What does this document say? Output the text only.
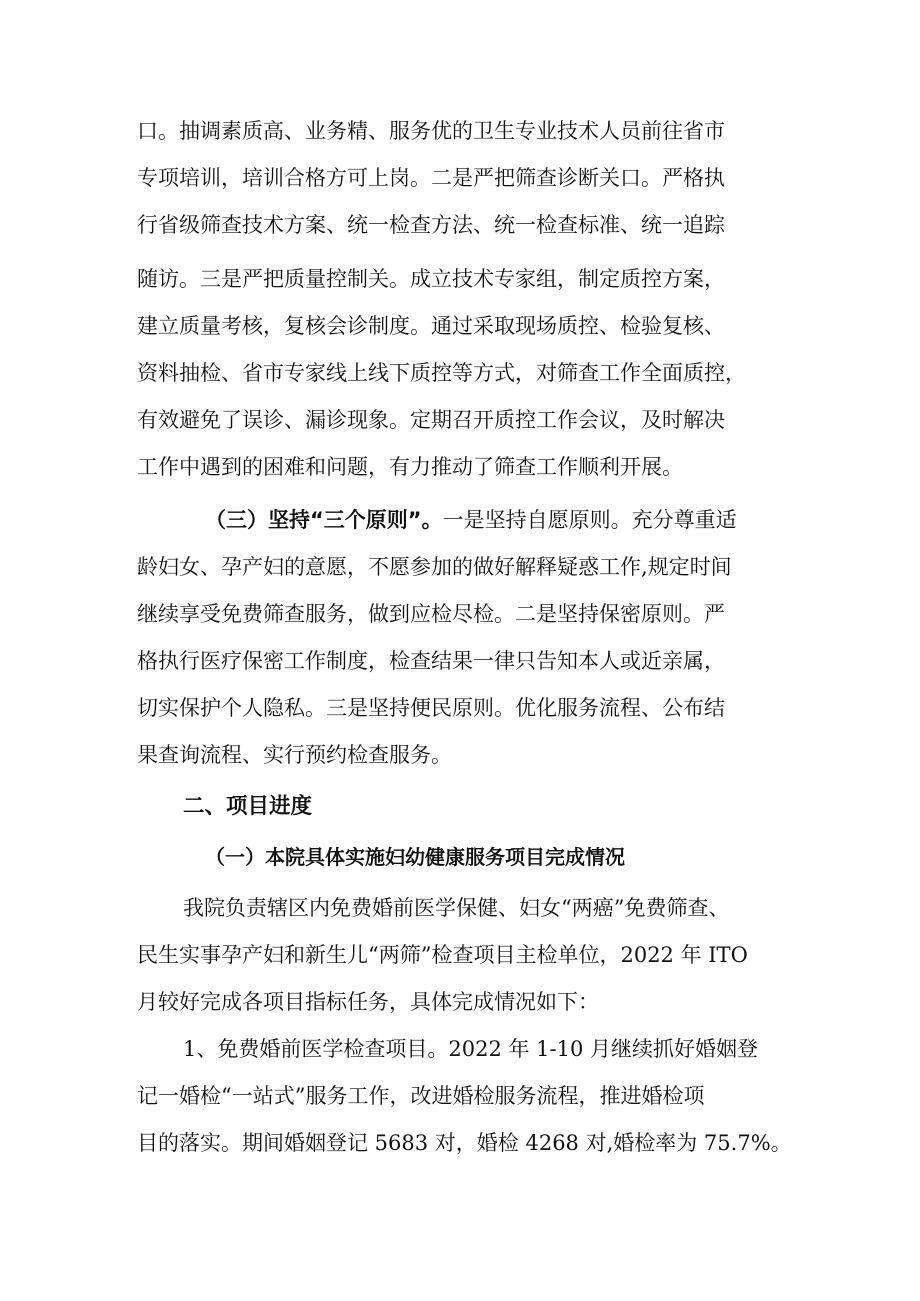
口。抽调素质高、业务精、服务优的卫生专业技术人员前往省市
专项培训，培训合格方可上岗。二是严把筛查诊断关口。严格执
行省级筛查技术方案、统一检查方法、统一检查标准、统一追踪
随访。三是严把质量控制关。成立技术专家组，制定质控方案，
建立质量考核，复核会诊制度。通过采取现场质控、检验复核、
资料抽检、省市专家线上线下质控等方式，对筛查工作全面质控，
有效避免了误诊、漏诊现象。定期召开质控工作会议，及时解决
工作中遇到的困难和问题，有力推动了筛查工作顺利开展。
（三）坚持“三个原则”。一是坚持自愿原则。充分尊重适
龄妇女、孕产妇的意愿，不愿参加的做好解释疑惑工作,规定时间
继续享受免费筛查服务，做到应检尽检。二是坚持保密原则。严
格执行医疗保密工作制度，检查结果一律只告知本人或近亲属，
切实保护个人隐私。三是坚持便民原则。优化服务流程、公布结
果查询流程、实行预约检查服务。
二、项目进度
（一）本院具体实施妇幼健康服务项目完成情况
我院负责辖区内免费婚前医学保健、妇女“两癌”免费筛查、
民生实事孕产妇和新生儿“两筛”检查项目主检单位，2022 年 ITO
月较好完成各项目指标任务，具体完成情况如下：
1、免费婚前医学检查项目。2022 年 1-10 月继续抓好婚姻登
记一婚检“一站式”服务工作，改进婚检服务流程，推进婚检项
目的落实。期间婚姻登记 5683 对，婚检 4268 对,婚检率为 75.7%。
